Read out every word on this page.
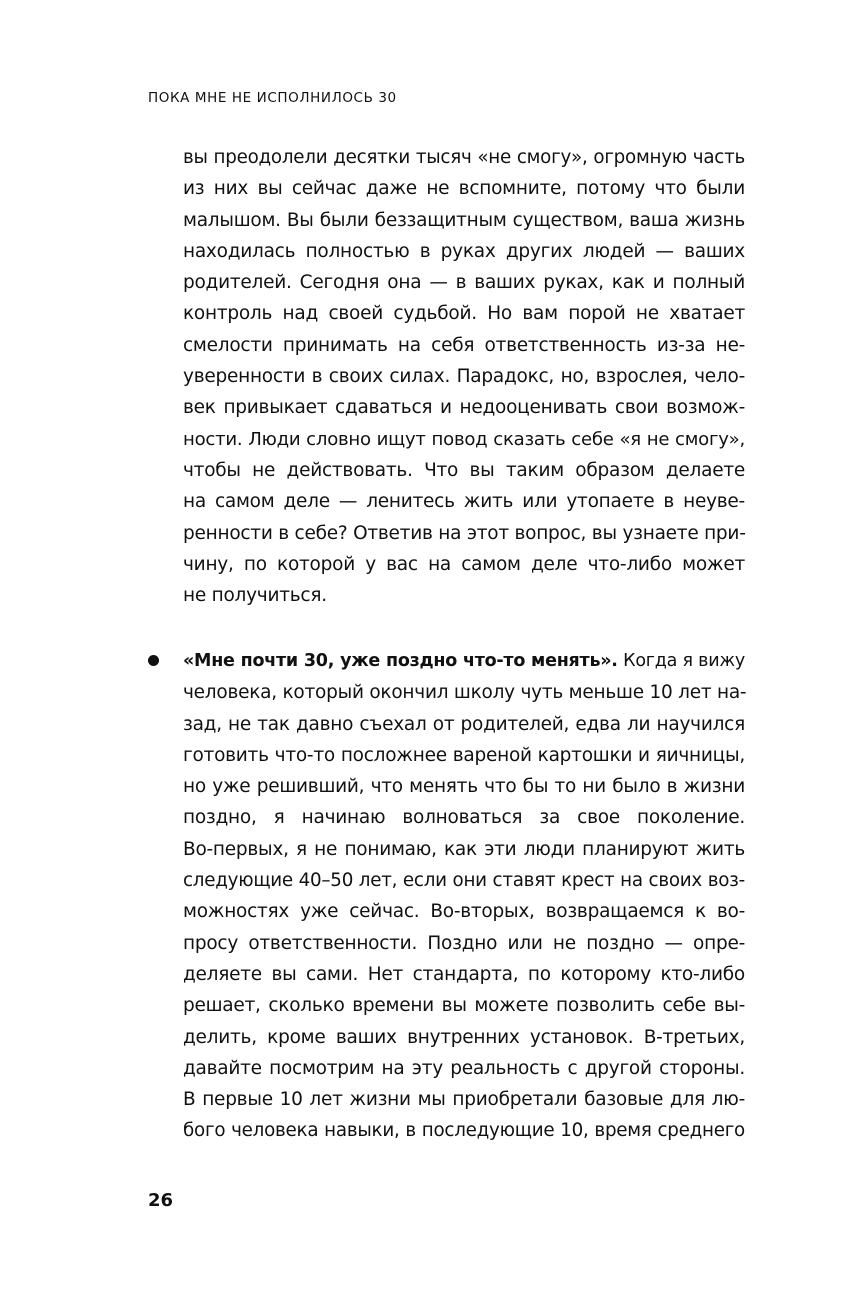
ПОКА МНЕ НЕ ИСПОЛНИЛОСЬ 30
вы преодолели десятки тысяч «не смогу», огромную часть
из них вы сейчас даже не вспомните, потому что были
малышом. Вы были беззащитным существом, ваша жизнь
находилась полностью в руках других людей — ваших
родителей. Сегодня она — в ваших руках, как и полный
контроль над своей судьбой. Но вам порой не хватает
смелости принимать на себя ответственность из-за не-
уверенности в своих силах. Парадокс, но, взрослея, чело-
век привыкает сдаваться и недооценивать свои возмож-
ности. Люди словно ищут повод сказать себе «я не смогу»,
чтобы не действовать. Что вы таким образом делаете
на самом деле — ленитесь жить или утопаете в неуве-
ренности в себе? Ответив на этот вопрос, вы узнаете при-
чину, по которой у вас на самом деле что-либо может
не получиться.
«Мне почти 30, уже поздно что-то менять». Когда я вижу
человека, который окончил школу чуть меньше 10 лет на-
зад, не так давно съехал от родителей, едва ли научился
готовить что-то посложнее вареной картошки и яичницы,
но уже решивший, что менять что бы то ни было в жизни
поздно, я начинаю волноваться за свое поколение.
Во-первых, я не понимаю, как эти люди планируют жить
следующие 40–50 лет, если они ставят крест на своих воз-
можностях уже сейчас. Во-вторых, возвращаемся к во-
просу ответственности. Поздно или не поздно — опре-
деляете вы сами. Нет стандарта, по которому кто-либо
решает, сколько времени вы можете позволить себе вы-
делить, кроме ваших внутренних установок. В-третьих,
давайте посмотрим на эту реальность с другой стороны.
В первые 10 лет жизни мы приобретали базовые для лю-
бого человека навыки, в последующие 10, время среднего
26
